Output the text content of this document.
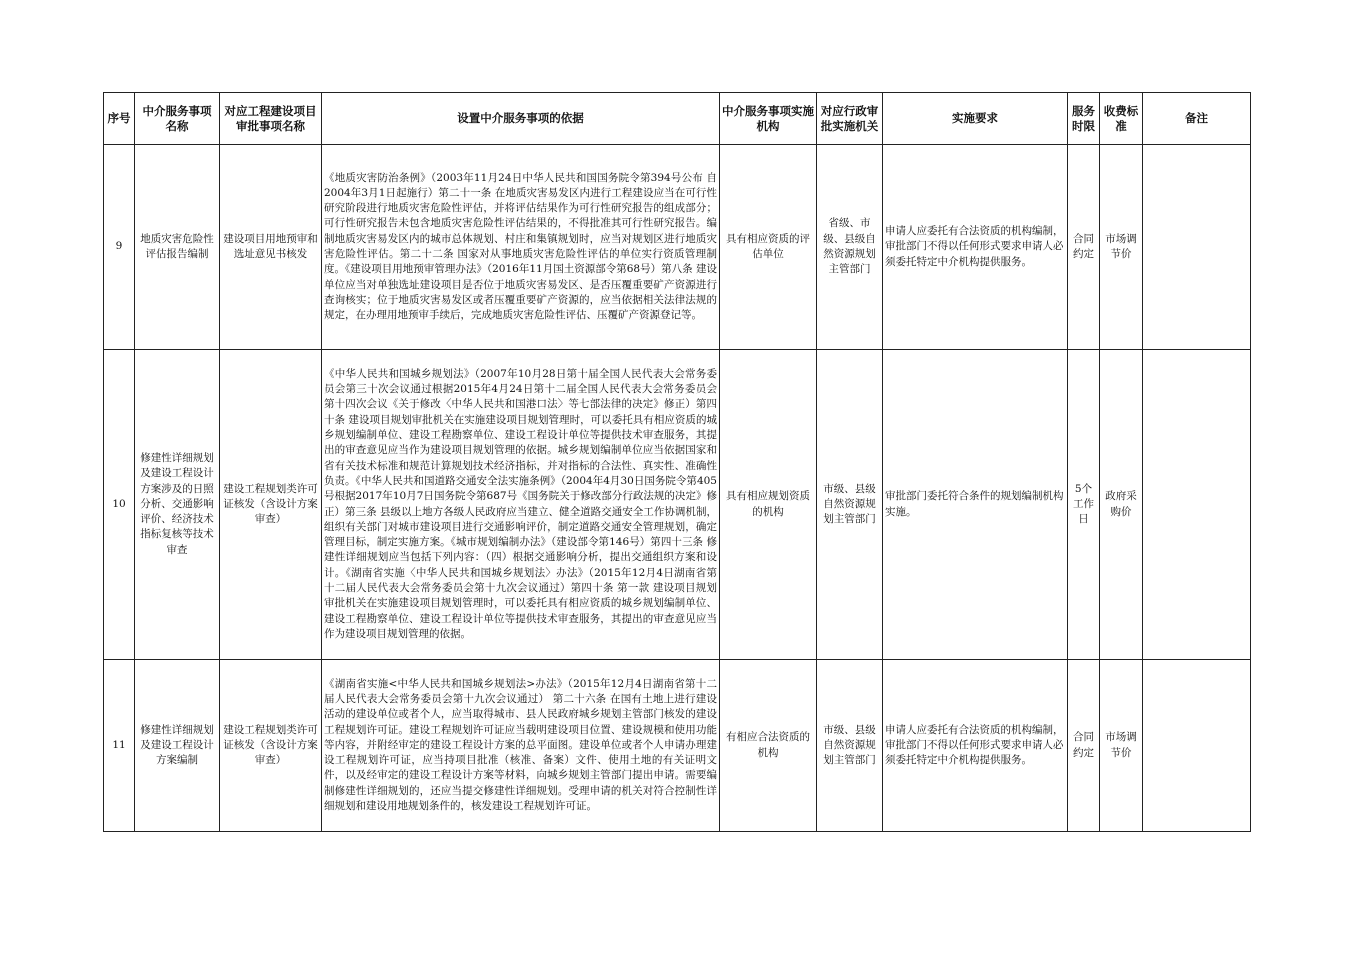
序号	中介服务事项名称	对应工程建设项目审批事项名称	设置中介服务事项的依据	中介服务事项实施机构	对应行政审批实施机关	实施要求	服务时限	收费标准	备注
9	地质灾害危险性评估报告编制	建设项目用地预审和选址意见书核发	《地质灾害防治条例》（2003年11月24日中华人民共和国国务院令第394号公布 自2004年3月1日起施行）第二十一条 在地质灾害易发区内进行工程建设应当在可行性研究阶段进行地质灾害危险性评估，并将评估结果作为可行性研究报告的组成部分；可行性研究报告未包含地质灾害危险性评估结果的，不得批准其可行性研究报告。编制地质灾害易发区内的城市总体规划、村庄和集镇规划时，应当对规划区进行地质灾害危险性评估。第二十二条 国家对从事地质灾害危险性评估的单位实行资质管理制度。《建设项目用地预审管理办法》（2016年11月国土资源部令第68号）第八条 建设单位应当对单独选址建设项目是否位于地质灾害易发区、是否压覆重要矿产资源进行查询核实；位于地质灾害易发区或者压覆重要矿产资源的，应当依据相关法律法规的规定，在办理用地预审手续后，完成地质灾害危险性评估、压覆矿产资源登记等。	具有相应资质的评估单位	省级、市级、县级自然资源规划主管部门	申请人应委托有合法资质的机构编制，审批部门不得以任何形式要求申请人必须委托特定中介机构提供服务。	合同约定	市场调节价	
10	修建性详细规划及建设工程设计方案涉及的日照分析、交通影响评价、经济技术指标复核等技术审查	建设工程规划类许可证核发（含设计方案审查）	《中华人民共和国城乡规划法》（2007年10月28日第十届全国人民代表大会常务委员会第三十次会议通过根据2015年4月24日第十二届全国人民代表大会常务委员会第十四次会议《关于修改〈中华人民共和国港口法〉等七部法律的决定》修正）第四十条 建设项目规划审批机关在实施建设项目规划管理时，可以委托具有相应资质的城乡规划编制单位、建设工程勘察单位、建设工程设计单位等提供技术审查服务，其提出的审查意见应当作为建设项目规划管理的依据。城乡规划编制单位应当依据国家和省有关技术标准和规范计算规划技术经济指标，并对指标的合法性、真实性、准确性负责。《中华人民共和国道路交通安全法实施条例》（2004年4月30日国务院令第405号根据2017年10月7日国务院令第687号《国务院关于修改部分行政法规的决定》修正）第三条 县级以上地方各级人民政府应当建立、健全道路交通安全工作协调机制，组织有关部门对城市建设项目进行交通影响评价，制定道路交通安全管理规划，确定管理目标，制定实施方案。《城市规划编制办法》（建设部令第146号）第四十三条 修建性详细规划应当包括下列内容：（四）根据交通影响分析，提出交通组织方案和设计。《湖南省实施〈中华人民共和国城乡规划法〉办法》（2015年12月4日湖南省第十二届人民代表大会常务委员会第十九次会议通过）第四十条 第一款 建设项目规划审批机关在实施建设项目规划管理时，可以委托具有相应资质的城乡规划编制单位、建设工程勘察单位、建设工程设计单位等提供技术审查服务，其提出的审查意见应当作为建设项目规划管理的依据。	具有相应规划资质的机构	市级、县级自然资源规划主管部门	审批部门委托符合条件的规划编制机构实施。	5个工作日	政府采购价	
11	修建性详细规划及建设工程设计方案编制	建设工程规划类许可证核发（含设计方案审查）	《湖南省实施<中华人民共和国城乡规划法>办法》（2015年12月4日湖南省第十二届人民代表大会常务委员会第十九次会议通过） 第二十六条 在国有土地上进行建设活动的建设单位或者个人，应当取得城市、县人民政府城乡规划主管部门核发的建设工程规划许可证。建设工程规划许可证应当载明建设项目位置、建设规模和使用功能等内容，并附经审定的建设工程设计方案的总平面图。建设单位或者个人申请办理建设工程规划许可证，应当持项目批准（核准、备案）文件、使用土地的有关证明文件，以及经审定的建设工程设计方案等材料，向城乡规划主管部门提出申请。需要编制修建性详细规划的，还应当提交修建性详细规划。受理申请的机关对符合控制性详细规划和建设用地规划条件的，核发建设工程规划许可证。	有相应合法资质的机构	市级、县级自然资源规划主管部门	申请人应委托有合法资质的机构编制，审批部门不得以任何形式要求申请人必须委托特定中介机构提供服务。	合同约定	市场调节价	
